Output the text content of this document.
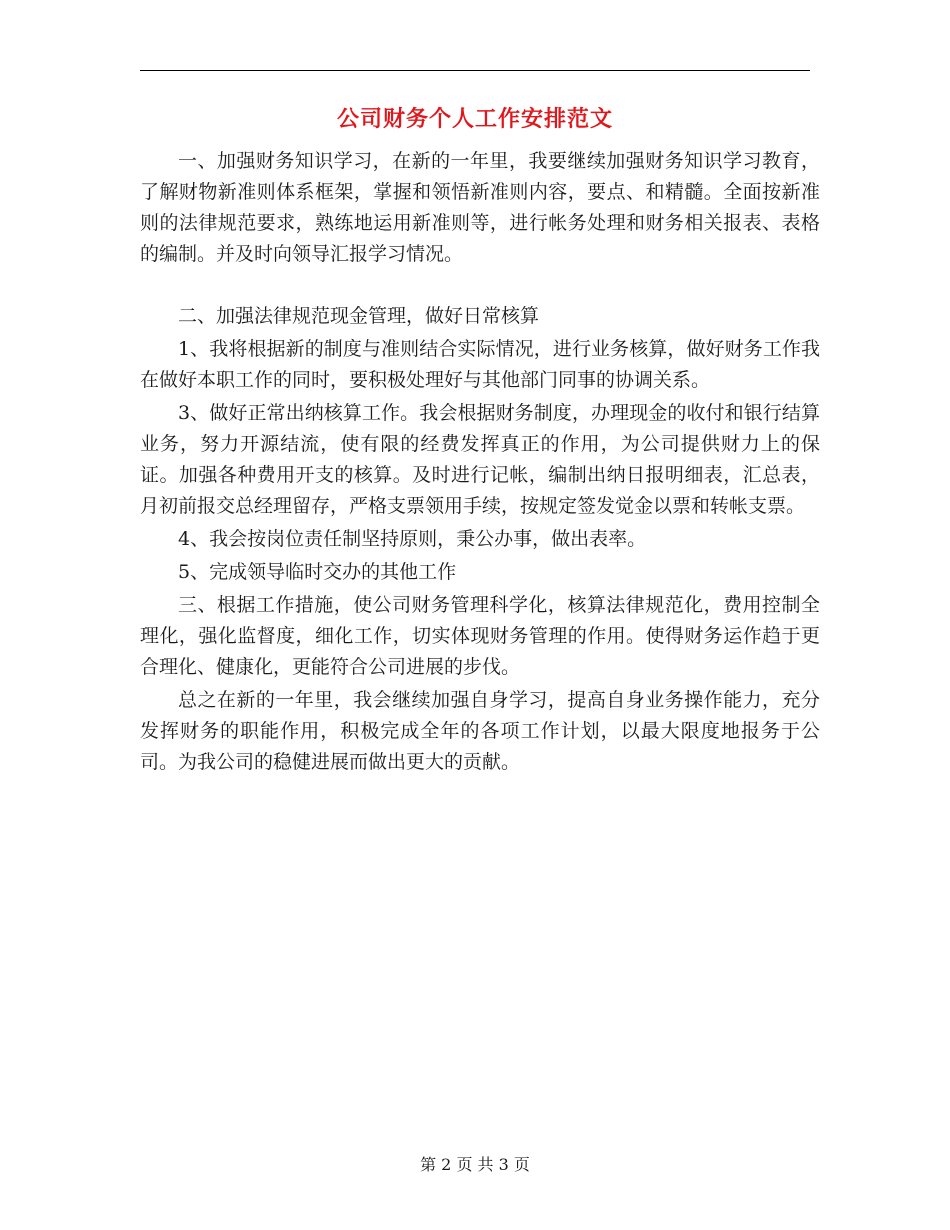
公司财务个人工作安排范文

一、加强财务知识学习，在新的一年里，我要继续加强财务知识学习教育，了解财物新准则体系框架，掌握和领悟新准则内容，要点、和精髓。全面按新准则的法律规范要求，熟练地运用新准则等，进行帐务处理和财务相关报表、表格的编制。并及时向领导汇报学习情况。

二、加强法律规范现金管理，做好日常核算

1、我将根据新的制度与准则结合实际情况，进行业务核算，做好财务工作我在做好本职工作的同时，要积极处理好与其他部门同事的协调关系。

3、做好正常出纳核算工作。我会根据财务制度，办理现金的收付和银行结算业务，努力开源结流，使有限的经费发挥真正的作用，为公司提供财力上的保证。加强各种费用开支的核算。及时进行记帐，编制出纳日报明细表，汇总表，月初前报交总经理留存，严格支票领用手续，按规定签发觉金以票和转帐支票。

4、我会按岗位责任制坚持原则，秉公办事，做出表率。

5、完成领导临时交办的其他工作

三、根据工作措施，使公司财务管理科学化，核算法律规范化，费用控制全理化，强化监督度，细化工作，切实体现财务管理的作用。使得财务运作趋于更合理化、健康化，更能符合公司进展的步伐。

总之在新的一年里，我会继续加强自身学习，提高自身业务操作能力，充分发挥财务的职能作用，积极完成全年的各项工作计划，以最大限度地报务于公司。为我公司的稳健进展而做出更大的贡献。

第 2 页 共 3 页
